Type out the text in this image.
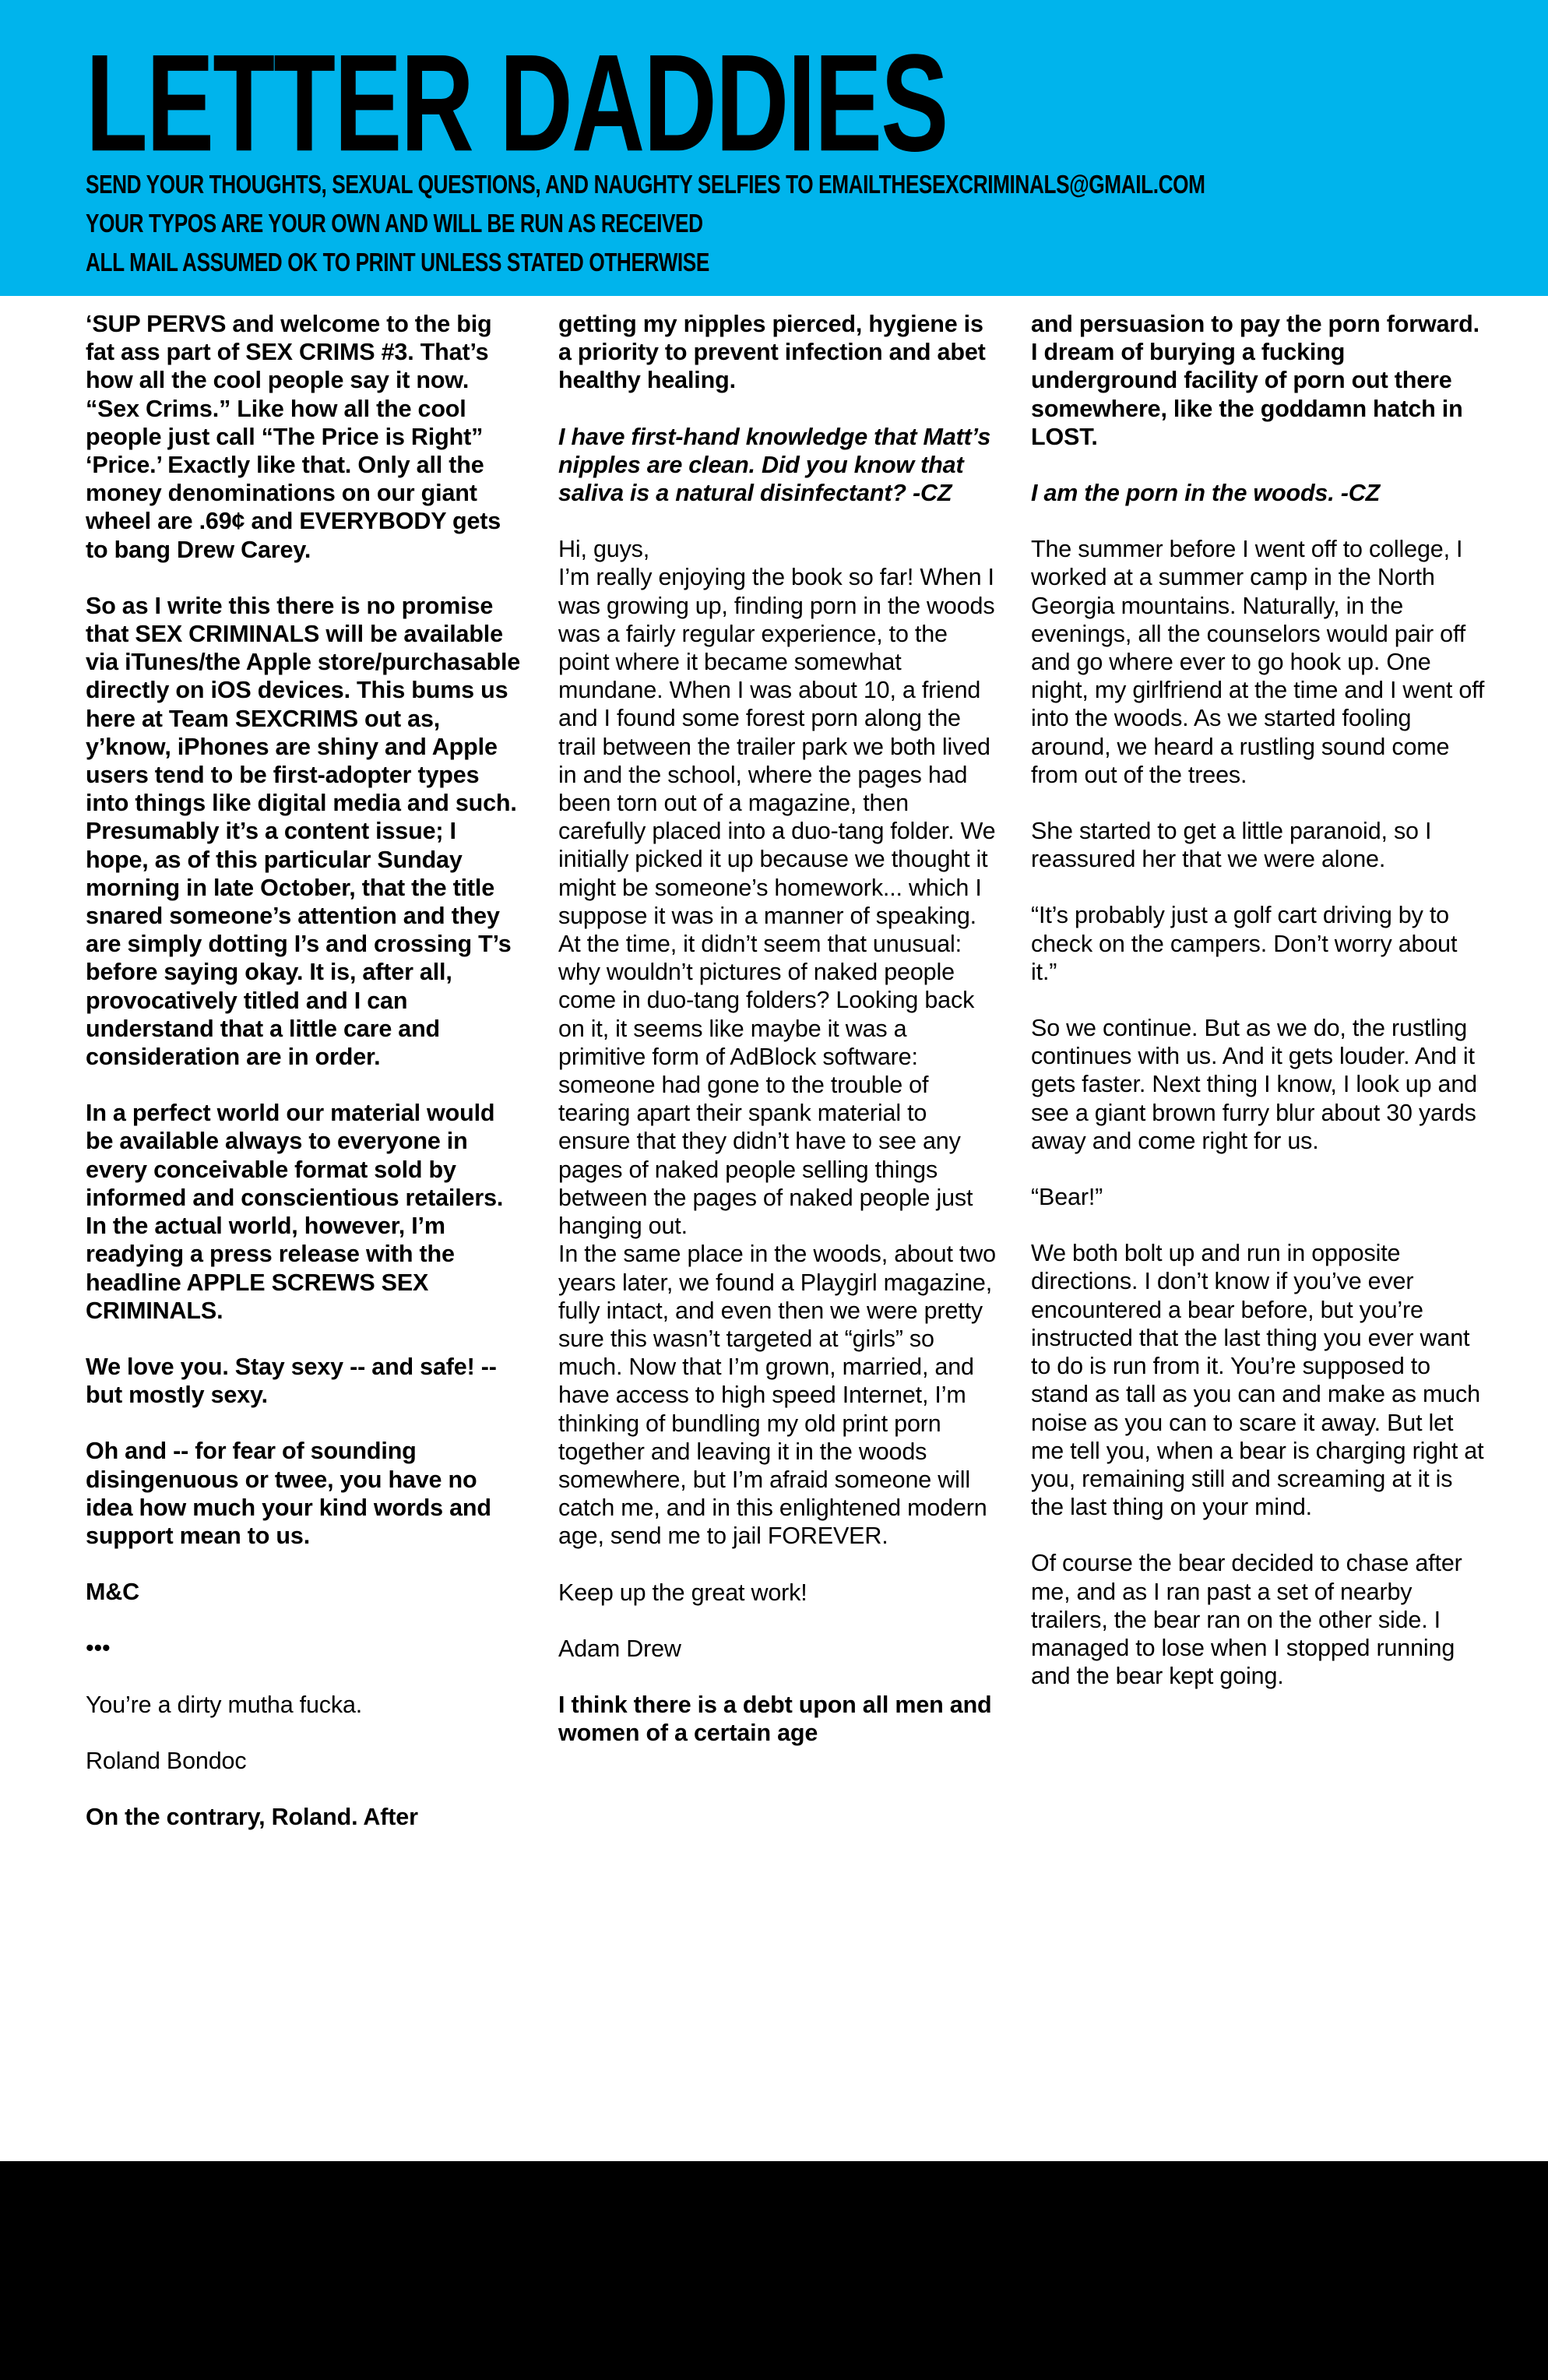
LETTER DADDIES
SEND YOUR THOUGHTS, SEXUAL QUESTIONS, AND NAUGHTY SELFIES TO EMAILTHESEXCRIMINALS@GMAIL.COM
YOUR TYPOS ARE YOUR OWN AND WILL BE RUN AS RECEIVED
ALL MAIL ASSUMED OK TO PRINT UNLESS STATED OTHERWISE

‘SUP PERVS and welcome to the big fat ass part of SEX CRIMS #3. That’s how all the cool people say it now. “Sex Crims.” Like how all the cool people just call “The Price is Right” ‘Price.’ Exactly like that. Only all the money denominations on our giant wheel are .69¢ and EVERYBODY gets to bang Drew Carey.

So as I write this there is no promise that SEX CRIMINALS will be available via iTunes/the Apple store/purchasable directly on iOS devices. This bums us here at Team SEXCRIMS out as, y’know, iPhones are shiny and Apple users tend to be first-adopter types into things like digital media and such. Presumably it’s a content issue; I hope, as of this particular Sunday morning in late October, that the title snared someone’s attention and they are simply dotting I’s and crossing T’s before saying okay. It is, after all, provocatively titled and I can understand that a little care and consideration are in order.

In a perfect world our material would be available always to everyone in every conceivable format sold by informed and conscientious retailers. In the actual world, however, I’m readying a press release with the headline APPLE SCREWS SEX CRIMINALS.

We love you. Stay sexy -- and safe! -- but mostly sexy.

Oh and -- for fear of sounding disingenuous or twee, you have no idea how much your kind words and support mean to us.

M&C

•••

You’re a dirty mutha fucka.

Roland Bondoc

On the contrary, Roland. After

getting my nipples pierced, hygiene is a priority to prevent infection and abet healthy healing.

I have first-hand knowledge that Matt’s nipples are clean. Did you know that saliva is a natural disinfectant? -CZ

Hi, guys,

I’m really enjoying the book so far! When I was growing up, finding porn in the woods was a fairly regular experience, to the point where it became somewhat mundane. When I was about 10, a friend and I found some forest porn along the trail between the trailer park we both lived in and the school, where the pages had been torn out of a magazine, then carefully placed into a duo-tang folder. We initially picked it up because we thought it might be someone’s homework... which I suppose it was in a manner of speaking. At the time, it didn’t seem that unusual: why wouldn’t pictures of naked people come in duo-tang folders? Looking back on it, it seems like maybe it was a primitive form of AdBlock software: someone had gone to the trouble of tearing apart their spank material to ensure that they didn’t have to see any pages of naked people selling things between the pages of naked people just hanging out.

In the same place in the woods, about two years later, we found a Playgirl magazine, fully intact, and even then we were pretty sure this wasn’t targeted at “girls” so much. Now that I’m grown, married, and have access to high speed Internet, I’m thinking of bundling my old print porn together and leaving it in the woods somewhere, but I’m afraid someone will catch me, and in this enlightened modern age, send me to jail FOREVER.

Keep up the great work!

Adam Drew

I think there is a debt upon all men and women of a certain age

and persuasion to pay the porn forward. I dream of burying a fucking underground facility of porn out there somewhere, like the goddamn hatch in LOST.

I am the porn in the woods. -CZ

The summer before I went off to college, I worked at a summer camp in the North Georgia mountains. Naturally, in the evenings, all the counselors would pair off and go where ever to go hook up. One night, my girlfriend at the time and I went off into the woods. As we started fooling around, we heard a rustling sound come from out of the trees.

She started to get a little paranoid, so I reassured her that we were alone.

“It’s probably just a golf cart driving by to check on the campers. Don’t worry about it.”

So we continue. But as we do, the rustling continues with us. And it gets louder. And it gets faster. Next thing I know, I look up and see a giant brown furry blur about 30 yards away and come right for us.

“Bear!”

We both bolt up and run in opposite directions. I don’t know if you’ve ever encountered a bear before, but you’re instructed that the last thing you ever want to do is run from it. You’re supposed to stand as tall as you can and make as much noise as you can to scare it away. But let me tell you, when a bear is charging right at you, remaining still and screaming at it is the last thing on your mind.

Of course the bear decided to chase after me, and as I ran past a set of nearby trailers, the bear ran on the other side. I managed to lose when I stopped running and the bear kept going.
